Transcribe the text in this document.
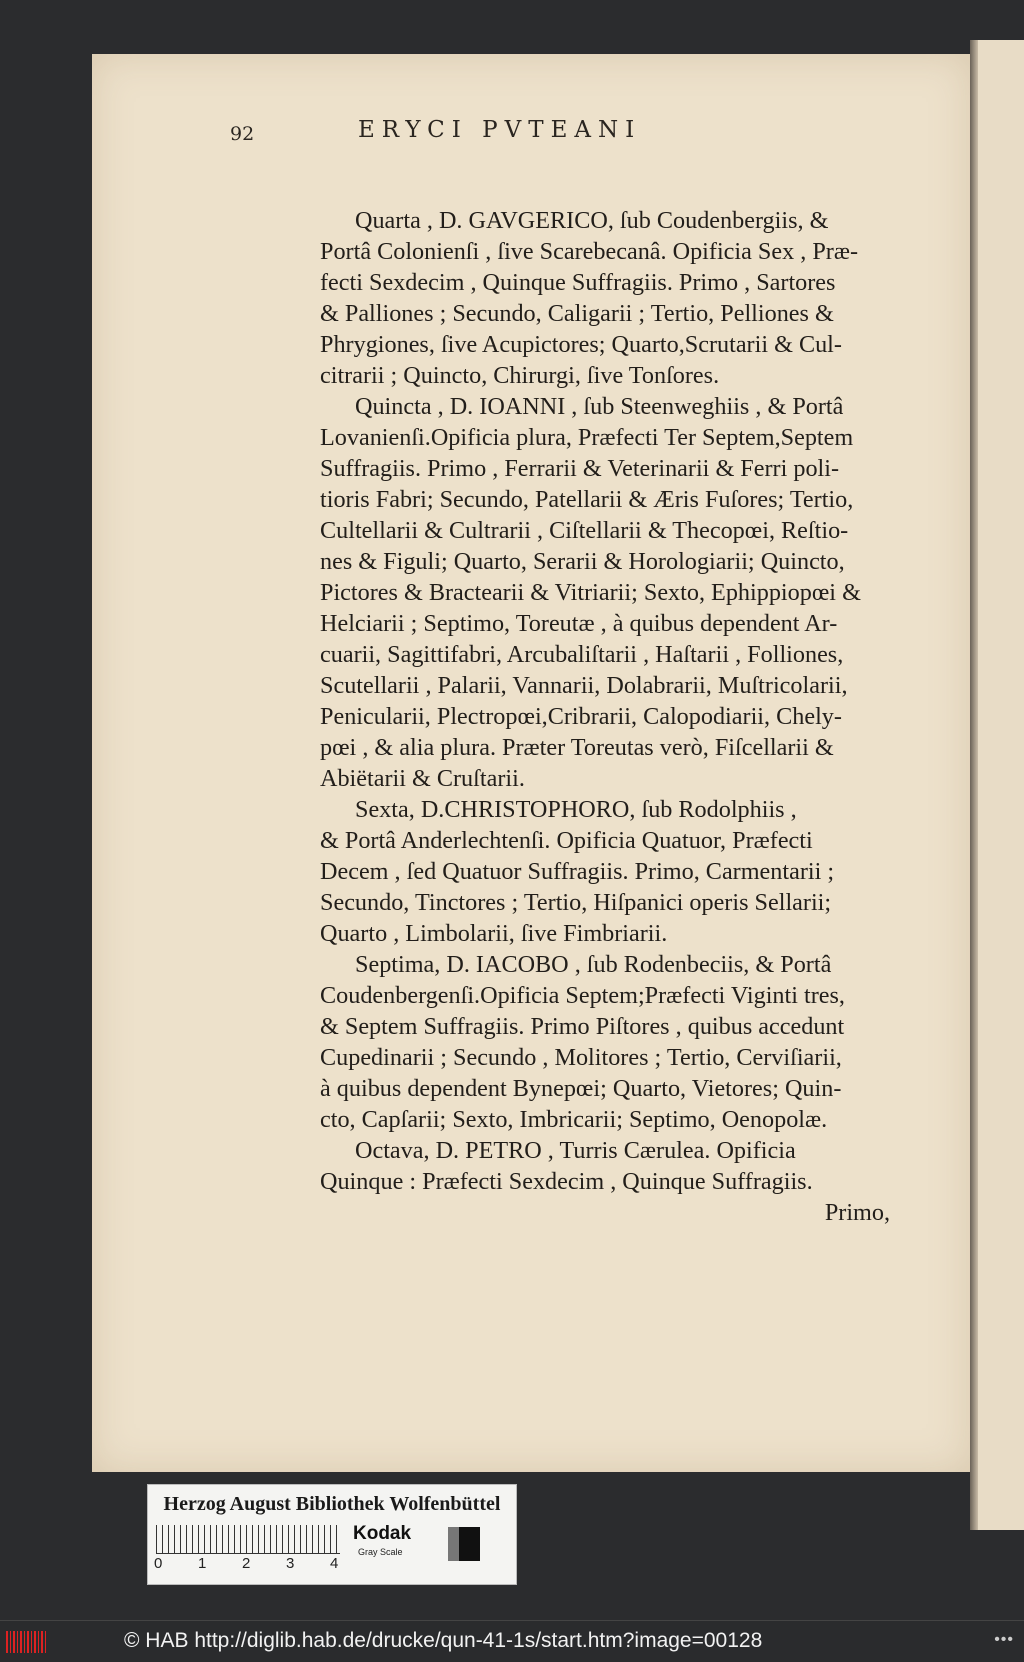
92	ERYCI PVTEANI
Quarta , D. GAVGERICO, ſub Coudenbergiis, &
Portâ Colonienſi , ſive Scarebecanâ. Opificia Sex , Præ-
fecti Sexdecim , Quinque Suffragiis. Primo , Sartores
& Palliones ; Secundo, Caligarii ; Tertio, Pelliones &
Phrygiones, ſive Acupictores; Quarto,Scrutarii & Cul-
citrarii ; Quincto, Chirurgi, ſive Tonſores.
Quincta , D. IOANNI , ſub Steenweghiis , & Portâ
Lovanienſi.Opificia plura, Præfecti Ter Septem,Septem
Suffragiis. Primo , Ferrarii & Veterinarii & Ferri poli-
tioris Fabri; Secundo, Patellarii & Æris Fuſores; Tertio,
Cultellarii & Cultrarii , Ciſtellarii & Thecopœi, Reſtio-
nes & Figuli; Quarto, Serarii & Horologiarii; Quincto,
Pictores & Bractearii & Vitriarii; Sexto, Ephippiopœi &
Helciarii ; Septimo, Toreutæ , à quibus dependent Ar-
cuarii, Sagittifabri, Arcubaliſtarii , Haſtarii , Folliones,
Scutellarii , Palarii, Vannarii, Dolabrarii, Muſtricolarii,
Penicularii, Plectropœi,Cribrarii, Calopodiarii, Chely-
pœi , & alia plura. Præter Toreutas verò, Fiſcellarii &
Abiëtarii & Cruſtarii.
Sexta, D.CHRISTOPHORO, ſub Rodolphiis ,
& Portâ Anderlechtenſi. Opificia Quatuor, Præfecti
Decem , ſed Quatuor Suffragiis. Primo, Carmentarii ;
Secundo, Tinctores ; Tertio, Hiſpanici operis Sellarii;
Quarto , Limbolarii, ſive Fimbriarii.
Septima, D. IACOBO , ſub Rodenbeciis, & Portâ
Coudenbergenſi.Opificia Septem;Præfecti Viginti tres,
& Septem Suffragiis. Primo Piſtores , quibus accedunt
Cupedinarii ; Secundo , Molitores ; Tertio, Cerviſiarii,
à quibus dependent Bynepœi; Quarto, Vietores; Quin-
cto, Capſarii; Sexto, Imbricarii; Septimo, Oenopolæ.
Octava, D. PETRO , Turris Cærulea. Opificia
Quinque : Præfecti Sexdecim , Quinque Suffragiis.
Primo,
Herzog August Bibliothek Wolfenbüttel
0 1 2 3 4
Kodak
Gray Scale
© HAB http://diglib.hab.de/drucke/qun-41-1s/start.htm?image=00128	•••
